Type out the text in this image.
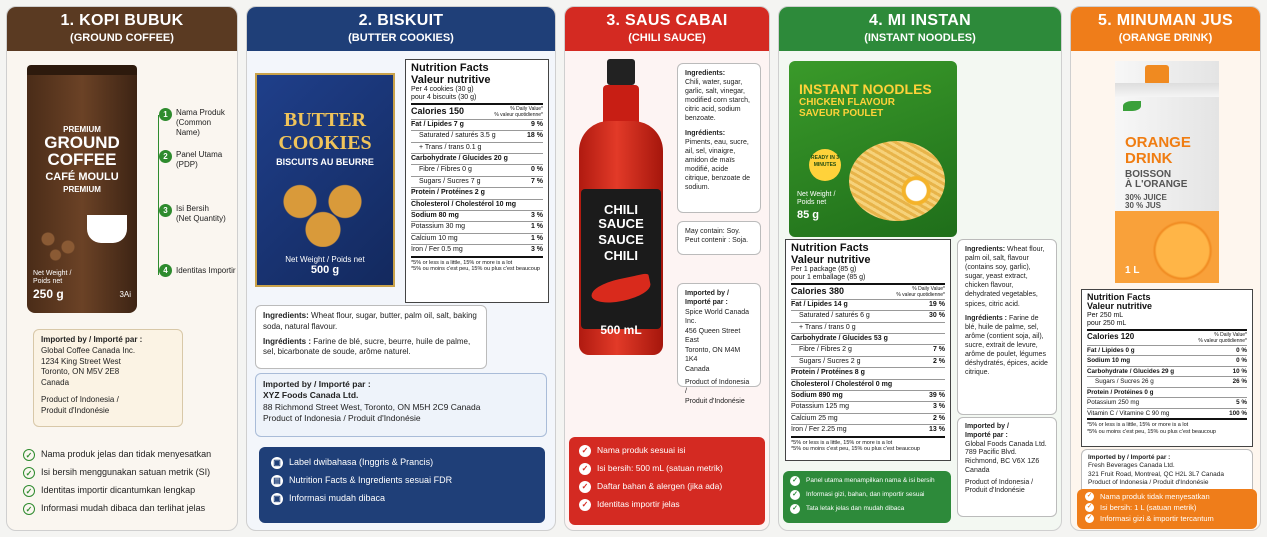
1. KOPI BUBUK
(GROUND COFFEE)
PREMIUM
GROUND
COFFEE
CAFÉ MOULU
PREMIUM
Net Weight /
Poids net
250 g	3Ai
1	Nama Produk
(Common Name)
2	Panel Utama
(PDP)
3	Isi Bersih
(Net Quantity)
4	Identitas Importir
Imported by / Importé par :
Global Coffee Canada Inc.
1234 King Street West
Toronto, ON M5V 2E8
Canada
Product of Indonesia /
Produit d'Indonésie
✓ Nama produk jelas dan tidak menyesatkan
✓ Isi bersih menggunakan satuan metrik (SI)
✓ Identitas importir dicantumkan lengkap
✓ Informasi mudah dibaca dan terlihat jelas
2. BISKUIT
(BUTTER COOKIES)
BUTTER
COOKIES
BISCUITS AU BEURRE
Net Weight / Poids net
500 g
Nutrition Facts
Valeur nutritive
Per 4 cookies (30 g)
pour 4 biscuits (30 g)
Calories 150	% Daily Value*
% valeur quotidienne*
Fat / Lipides 7 g	9 %
Saturated / saturés 3.5 g	18 %
+ Trans / trans 0.1 g
Carbohydrate / Glucides 20 g
Fibre / Fibres 0 g	0 %
Sugars / Sucres 7 g	7 %
Protein / Protéines 2 g
Cholesterol / Cholestérol 10 mg
Sodium 80 mg	3 %
Potassium 30 mg	1 %
Calcium 10 mg	1 %
Iron / Fer 0.5 mg	3 %
*5% or less is a little, 15% or more is a lot
*5% ou moins c'est peu, 15% ou plus c'est beaucoup
Ingredients: Wheat flour, sugar, butter, palm oil, salt, baking soda, natural flavour.
Ingrédients : Farine de blé, sucre, beurre, huile de palme, sel, bicarbonate de soude, arôme naturel.
Imported by / Importé par :
XYZ Foods Canada Ltd.
88 Richmond Street West, Toronto, ON M5H 2C9 Canada
Product of Indonesia / Produit d'Indonésie
▣ Label dwibahasa (Inggris & Prancis)
▤ Nutrition Facts & Ingredients sesuai FDR
▣ Informasi mudah dibaca
3. SAUS CABAI
(CHILI SAUCE)
CHILI SAUCE
SAUCE CHILI
500 mL
Ingredients:
Chili, water, sugar, garlic, salt, vinegar, modified corn starch, citric acid, sodium benzoate.
Ingrédients:
Piments, eau, sucre, ail, sel, vinaigre, amidon de maïs modifié, acide citrique, benzoate de sodium.
May contain: Soy.
Peut contenir : Soja.
Imported by /
Importé par :
Spice World Canada Inc.
456 Queen Street East
Toronto, ON M4M 1K4
Canada
Product of Indonesia /
Produit d'Indonésie
✓	Nama produk sesuai isi
✓	Isi bersih: 500 mL (satuan metrik)
✓	Daftar bahan & alergen (jika ada)
✓	Identitas importir jelas
4. MI INSTAN
(INSTANT NOODLES)
INSTANT NOODLES
CHICKEN FLAVOUR
SAVEUR POULET
READY IN 3 MINUTES
Net Weight /
Poids net
85 g
Nutrition Facts
Valeur nutritive
Per 1 package (85 g)
pour 1 emballage (85 g)
Calories 380	% Daily Value*
% valeur quotidienne*
Fat / Lipides 14 g	19 %
Saturated / saturés 6 g	30 %
+ Trans / trans 0 g
Carbohydrate / Glucides 53 g
Fibre / Fibres 2 g	7 %
Sugars / Sucres 2 g	2 %
Protein / Protéines 8 g
Cholesterol / Cholestérol 0 mg
Sodium 890 mg	39 %
Potassium 125 mg	3 %
Calcium 25 mg	2 %
Iron / Fer 2.25 mg	13 %
*5% or less is a little, 15% or more is a lot
*5% ou moins c'est peu, 15% ou plus c'est beaucoup
Ingredients: Wheat flour, palm oil, salt, flavour (contains soy, garlic), sugar, yeast extract, chicken flavour, dehydrated vegetables, spices, citric acid.
Ingrédients : Farine de blé, huile de palme, sel, arôme (contient soja, ail), sucre, extrait de levure, arôme de poulet, légumes déshydratés, épices, acide citrique.
Imported by /
Importé par :
Global Foods Canada Ltd.
789 Pacific Blvd.
Richmond, BC V6X 1Z6
Canada
Product of Indonesia /
Produit d'Indonésie
✓	Panel utama menampilkan nama & isi bersih
✓	Informasi gizi, bahan, dan importir sesuai
✓	Tata letak jelas dan mudah dibaca
5. MINUMAN JUS
(ORANGE DRINK)
ORANGE
DRINK
BOISSON
À L'ORANGE
30% JUICE
30 % JUS
1 L
Nutrition Facts
Valeur nutritive
Per 250 mL
pour 250 mL
Calories 120	% Daily Value*
% valeur quotidienne*
Fat / Lipides 0 g	0 %
Sodium 10 mg	0 %
Carbohydrate / Glucides 29 g	10 %
Sugars / Sucres 26 g	26 %
Protein / Protéines 0 g
Potassium 250 mg	5 %
Vitamin C / Vitamine C 90 mg	100 %
*5% or less is a little, 15% or more is a lot
*5% ou moins c'est peu, 15% ou plus c'est beaucoup
Imported by / Importé par :
Fresh Beverages Canada Ltd.
321 Fruit Road, Montreal, QC H2L 3L7 Canada
Product of Indonesia / Produit d'Indonésie
✓ Nama produk tidak menyesatkan
✓ Isi bersih: 1 L (satuan metrik)
✓ Informasi gizi & importir tercantum
